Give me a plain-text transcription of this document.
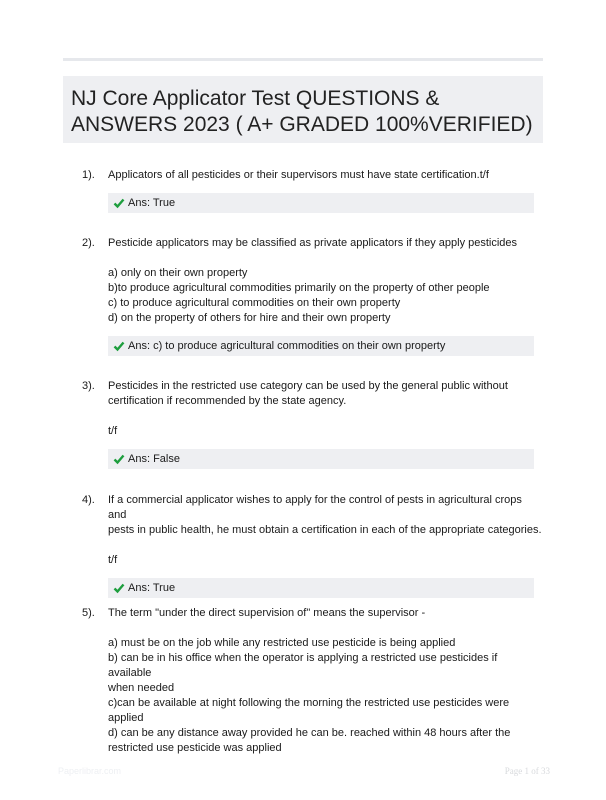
NJ Core Applicator Test QUESTIONS & ANSWERS 2023 ( A+ GRADED 100%VERIFIED)
1). Applicators of all pesticides or their supervisors must have state certification.t/f

Ans: True
2). Pesticide applicators may be classified as private applicators if they apply pesticides

a) only on their own property

b)to produce agricultural commodities primarily on the property of other people

c) to produce agricultural commodities on their own property

d) on the property of others for hire and their own property

Ans: c) to produce agricultural commodities on their own property
3). Pesticides in the restricted use category can be used by the general public without

certification if recommended by the state agency.

t/f

Ans: False
4). If a commercial applicator wishes to apply for the control of pests in agricultural crops and

pests in public health, he must obtain a certification in each of the appropriate categories.

t/f

Ans: True
5). The term "under the direct supervision of" means the supervisor -

a) must be on the job while any restricted use pesticide is being applied

b) can be in his office when the operator is applying a restricted use pesticides if available

when needed

c)can be available at night following the morning the restricted use pesticides were

applied

d) can be any distance away provided he can be. reached within 48 hours after the

restricted use pesticide was applied

Paperlibrar.com	Page 1 of 33
